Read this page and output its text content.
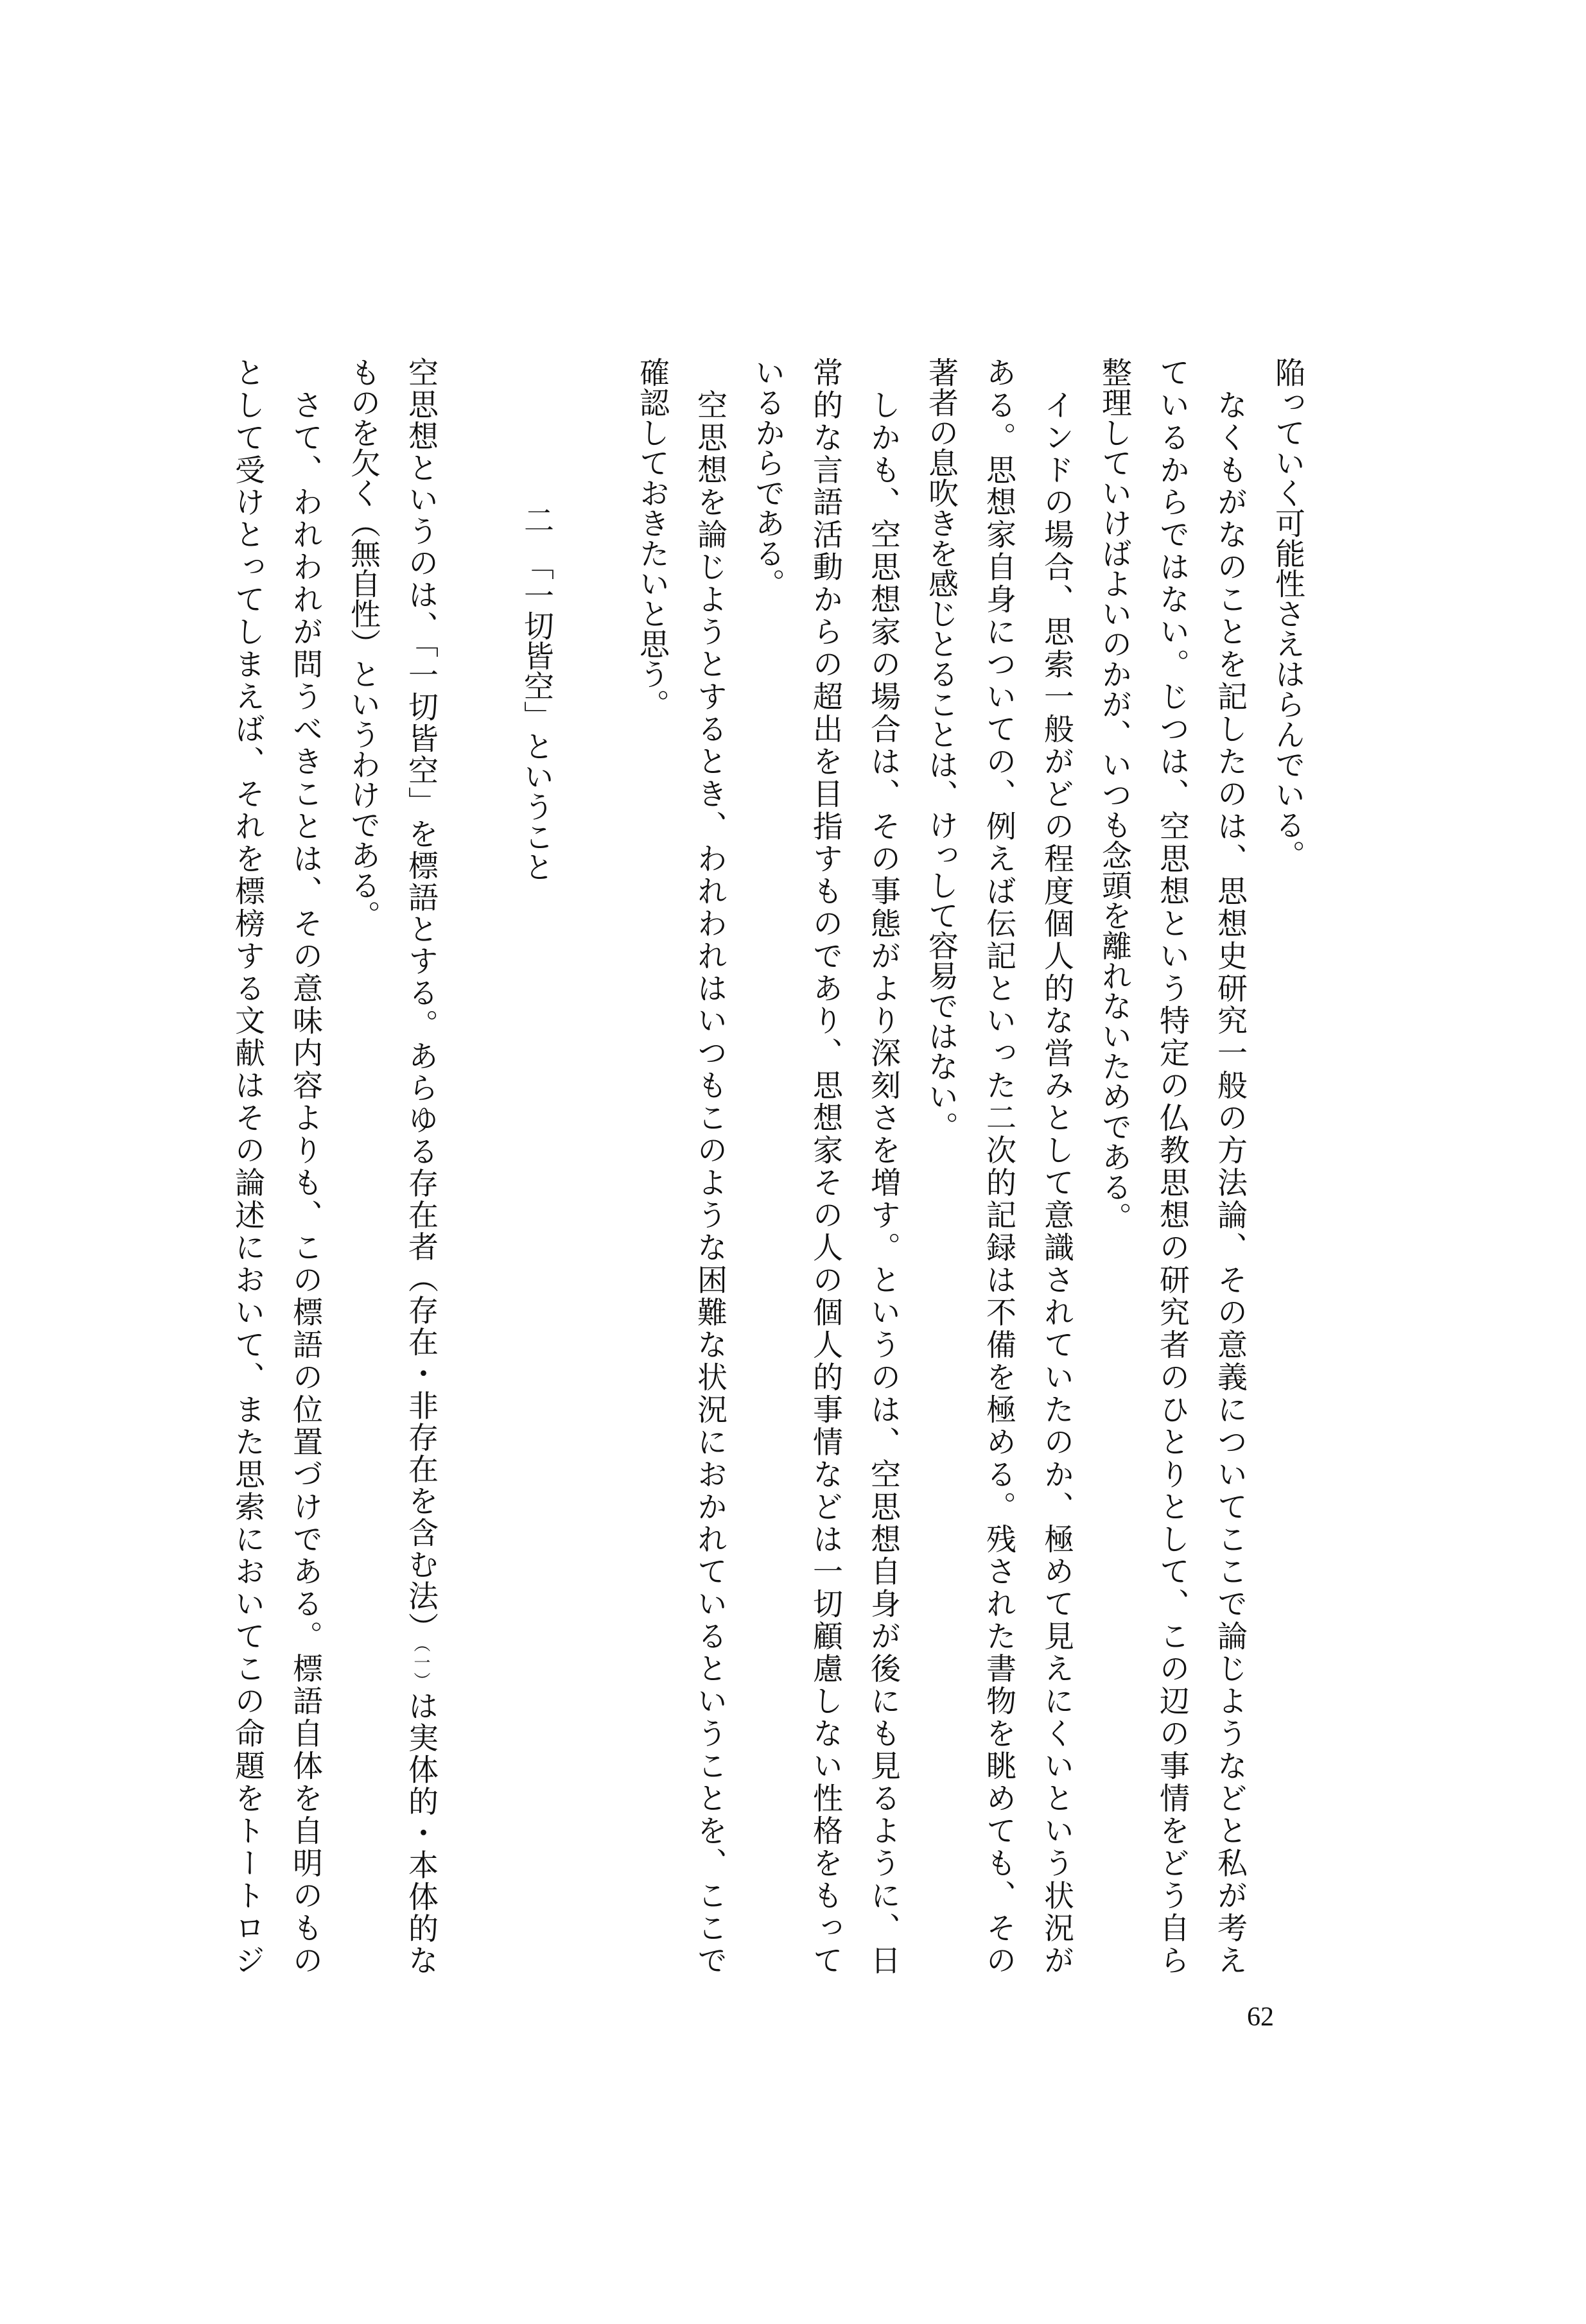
陥っていく可能性さえはらんでいる。
　なくもがなのことを記したのは、思想史研究一般の方法論、その意義についてここで論じようなどと私が考え
ているからではない。じつは、空思想という特定の仏教思想の研究者のひとりとして、この辺の事情をどう自ら
整理していけばよいのかが、いつも念頭を離れないためである。
　インドの場合、思索一般がどの程度個人的な営みとして意識されていたのか、極めて見えにくいという状況が
ある。思想家自身についての、例えば伝記といった二次的記録は不備を極める。残された書物を眺めても、その
著者の息吹きを感じとることは、けっして容易ではない。
　しかも、空思想家の場合は、その事態がより深刻さを増す。というのは、空思想自身が後にも見るように、日
常的な言語活動からの超出を目指すものであり、思想家その人の個人的事情などは一切顧慮しない性格をもって
いるからである。
　空思想を論じようとするとき、われわれはいつもこのような困難な状況におかれているということを、ここで
確認しておきたいと思う。
二　「一切皆空」ということ
空思想というのは、「一切皆空」を標語とする。あらゆる存在者（存在・非存在を含む法）（一）は実体的・本体的な
ものを欠く（無自性）というわけである。
　さて、われわれが問うべきことは、その意味内容よりも、この標語の位置づけである。標語自体を自明のもの
として受けとってしまえば、それを標榜する文献はその論述において、また思索においてこの命題をトートロジ
62
